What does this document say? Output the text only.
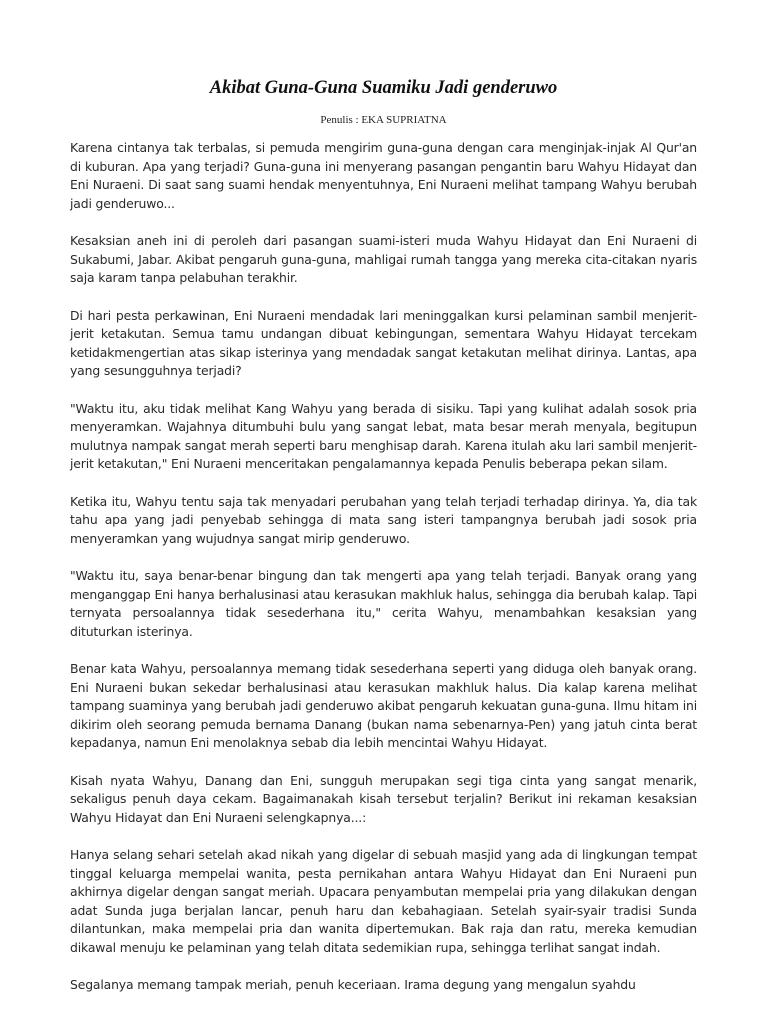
Akibat Guna-Guna Suamiku Jadi genderuwo
Penulis : EKA SUPRIATNA

Karena cintanya tak terbalas, si pemuda mengirim guna-guna dengan cara menginjak-injak Al Qur'an di kuburan. Apa yang terjadi? Guna-guna ini menyerang pasangan pengantin baru Wahyu Hidayat dan Eni Nuraeni. Di saat sang suami hendak menyentuhnya, Eni Nuraeni melihat tampang Wahyu berubah jadi genderuwo...

Kesaksian aneh ini di peroleh dari pasangan suami-isteri muda Wahyu Hidayat dan Eni Nuraeni di Sukabumi, Jabar. Akibat pengaruh guna-guna, mahligai rumah tangga yang mereka cita-citakan nyaris saja karam tanpa pelabuhan terakhir.

Di hari pesta perkawinan, Eni Nuraeni mendadak lari meninggalkan kursi pelaminan sambil menjerit-jerit ketakutan. Semua tamu undangan dibuat kebingungan, sementara Wahyu Hidayat tercekam ketidakmengertian atas sikap isterinya yang mendadak sangat ketakutan melihat dirinya. Lantas, apa yang sesungguhnya terjadi?

"Waktu itu, aku tidak melihat Kang Wahyu yang berada di sisiku. Tapi yang kulihat adalah sosok pria menyeramkan. Wajahnya ditumbuhi bulu yang sangat lebat, mata besar merah menyala, begitupun mulutnya nampak sangat merah seperti baru menghisap darah. Karena itulah aku lari sambil menjerit-jerit ketakutan," Eni Nuraeni menceritakan pengalamannya kepada Penulis beberapa pekan silam.

Ketika itu, Wahyu tentu saja tak menyadari perubahan yang telah terjadi terhadap dirinya. Ya, dia tak tahu apa yang jadi penyebab sehingga di mata sang isteri tampangnya berubah jadi sosok pria menyeramkan yang wujudnya sangat mirip genderuwo.

"Waktu itu, saya benar-benar bingung dan tak mengerti apa yang telah terjadi. Banyak orang yang menganggap Eni hanya berhalusinasi atau kerasukan makhluk halus, sehingga dia berubah kalap. Tapi ternyata persoalannya tidak sesederhana itu," cerita Wahyu, menambahkan kesaksian yang dituturkan isterinya.

Benar kata Wahyu, persoalannya memang tidak sesederhana seperti yang diduga oleh banyak orang. Eni Nuraeni bukan sekedar berhalusinasi atau kerasukan makhluk halus. Dia kalap karena melihat tampang suaminya yang berubah jadi genderuwo akibat pengaruh kekuatan guna-guna. Ilmu hitam ini dikirim oleh seorang pemuda bernama Danang (bukan nama sebenarnya-Pen) yang jatuh cinta berat kepadanya, namun Eni menolaknya sebab dia lebih mencintai Wahyu Hidayat.

Kisah nyata Wahyu, Danang dan Eni, sungguh merupakan segi tiga cinta yang sangat menarik, sekaligus penuh daya cekam. Bagaimanakah kisah tersebut terjalin? Berikut ini rekaman kesaksian Wahyu Hidayat dan Eni Nuraeni selengkapnya...:

Hanya selang sehari setelah akad nikah yang digelar di sebuah masjid yang ada di lingkungan tempat tinggal keluarga mempelai wanita, pesta pernikahan antara Wahyu Hidayat dan Eni Nuraeni pun akhirnya digelar dengan sangat meriah. Upacara penyambutan mempelai pria yang dilakukan dengan adat Sunda juga berjalan lancar, penuh haru dan kebahagiaan. Setelah syair-syair tradisi Sunda dilantunkan, maka mempelai pria dan wanita dipertemukan. Bak raja dan ratu, mereka kemudian dikawal menuju ke pelaminan yang telah ditata sedemikian rupa, sehingga terlihat sangat indah.

Segalanya memang tampak meriah, penuh keceriaan. Irama degung yang mengalun syahdu
